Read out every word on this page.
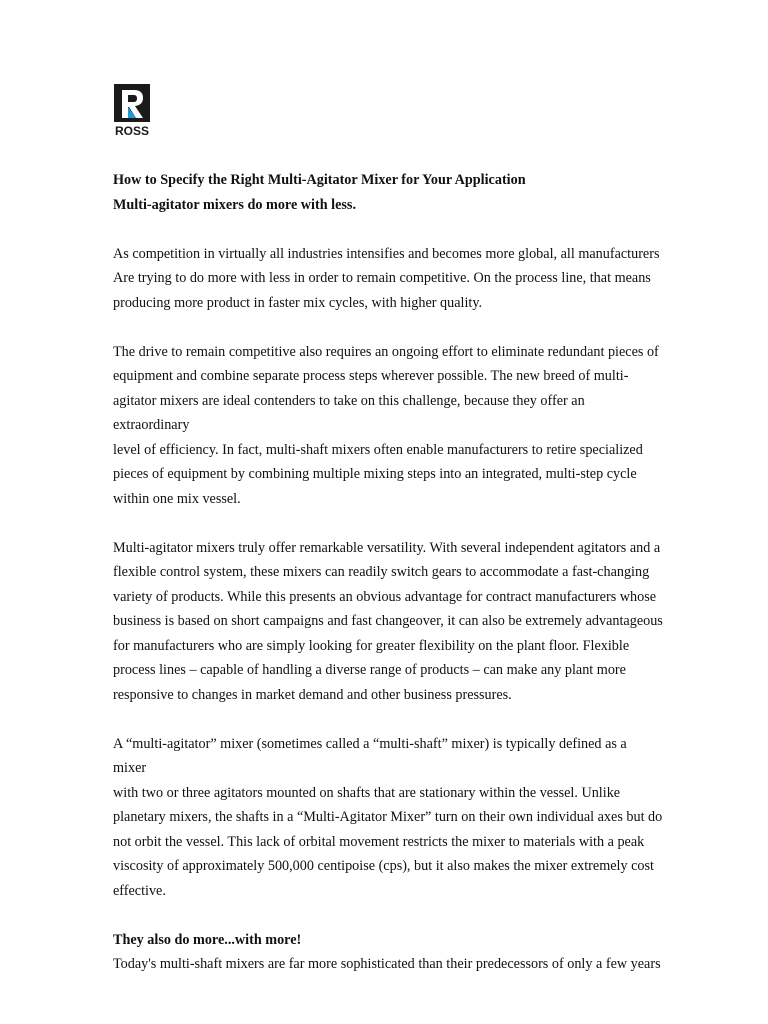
ROSS

How to Specify the Right Multi-Agitator Mixer for Your Application

Multi-agitator mixers do more with less.

As competition in virtually all industries intensifies and becomes more global, all manufacturers
Are trying to do more with less in order to remain competitive. On the process line, that means
producing more product in faster mix cycles, with higher quality.

The drive to remain competitive also requires an ongoing effort to eliminate redundant pieces of
equipment and combine separate process steps wherever possible. The new breed of multi-
agitator mixers are ideal contenders to take on this challenge, because they offer an extraordinary
level of efficiency. In fact, multi-shaft mixers often enable manufacturers to retire specialized
pieces of equipment by combining multiple mixing steps into an integrated, multi-step cycle
within one mix vessel.

Multi-agitator mixers truly offer remarkable versatility. With several independent agitators and a
flexible control system, these mixers can readily switch gears to accommodate a fast-changing
variety of products. While this presents an obvious advantage for contract manufacturers whose
business is based on short campaigns and fast changeover, it can also be extremely advantageous
for manufacturers who are simply looking for greater flexibility on the plant floor. Flexible
process lines – capable of handling a diverse range of products – can make any plant more
responsive to changes in market demand and other business pressures.

A “multi-agitator” mixer (sometimes called a “multi-shaft” mixer) is typically defined as a mixer
with two or three agitators mounted on shafts that are stationary within the vessel. Unlike
planetary mixers, the shafts in a “Multi-Agitator Mixer” turn on their own individual axes but do
not orbit the vessel. This lack of orbital movement restricts the mixer to materials with a peak
viscosity of approximately 500,000 centipoise (cps), but it also makes the mixer extremely cost
effective.

They also do more...with more!

Today's multi-shaft mixers are far more sophisticated than their predecessors of only a few years
